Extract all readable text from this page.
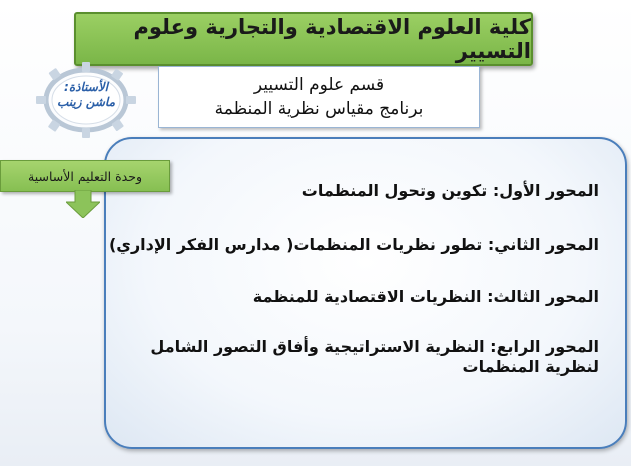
كلية العلوم الاقتصادية والتجارية وعلوم التسيير
الأستاذة:
ماشن زينب
قسم علوم التسيير
برنامج مقياس نظرية المنظمة
المحور الأول: تكوين وتحول المنظمات
المحور الثاني: تطور نظريات المنظمات( مدارس الفكر الإداري)
المحور الثالث: النظريات الاقتصادية للمنظمة
المحور الرابع: النظرية الاستراتيجية وأفاق التصور الشامل لنظرية المنظمات
وحدة التعليم الأساسية
